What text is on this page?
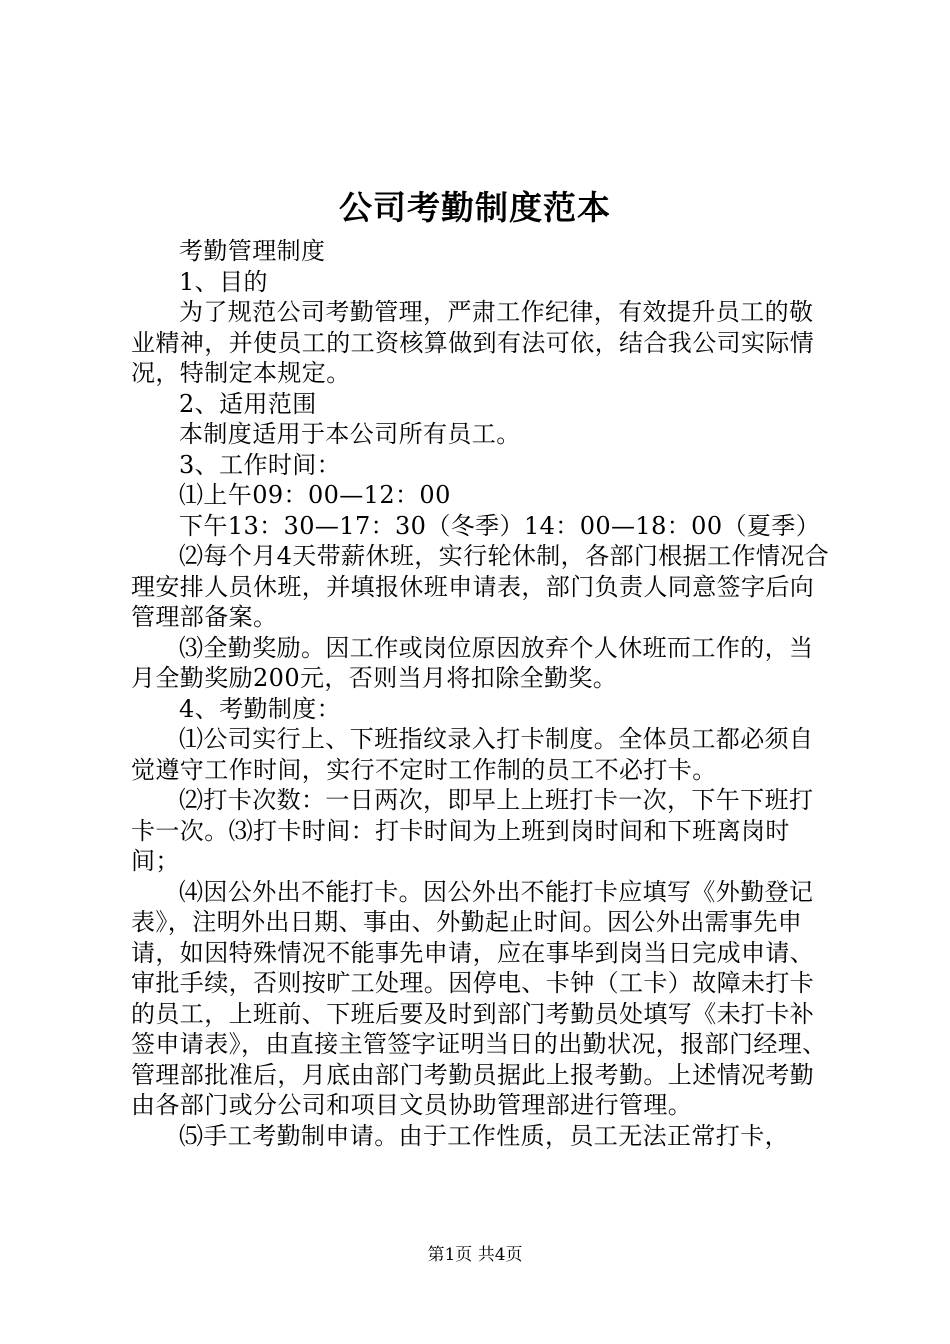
公司考勤制度范本

考勤管理制度

1、目的

为了规范公司考勤管理，严肃工作纪律，有效提升员工的敬业精神，并使员工的工资核算做到有法可依，结合我公司实际情况，特制定本规定。

2、适用范围

本制度适用于本公司所有员工。

3、工作时间：

⑴上午09：00—12：00

下午13：30—17：30（冬季）14：00—18：00（夏季）

⑵每个月4天带薪休班，实行轮休制，各部门根据工作情况合理安排人员休班，并填报休班申请表，部门负责人同意签字后向管理部备案。

⑶全勤奖励。因工作或岗位原因放弃个人休班而工作的，当月全勤奖励200元，否则当月将扣除全勤奖。

4、考勤制度：

⑴公司实行上、下班指纹录入打卡制度。全体员工都必须自觉遵守工作时间，实行不定时工作制的员工不必打卡。

⑵打卡次数：一日两次，即早上上班打卡一次，下午下班打卡一次。⑶打卡时间：打卡时间为上班到岗时间和下班离岗时间；

⑷因公外出不能打卡。因公外出不能打卡应填写《外勤登记表》，注明外出日期、事由、外勤起止时间。因公外出需事先申请，如因特殊情况不能事先申请，应在事毕到岗当日完成申请、审批手续，否则按旷工处理。因停电、卡钟（工卡）故障未打卡的员工，上班前、下班后要及时到部门考勤员处填写《未打卡补签申请表》，由直接主管签字证明当日的出勤状况，报部门经理、管理部批准后，月底由部门考勤员据此上报考勤。上述情况考勤由各部门或分公司和项目文员协助管理部进行管理。

⑸手工考勤制申请。由于工作性质，员工无法正常打卡，

第1页 共4页
